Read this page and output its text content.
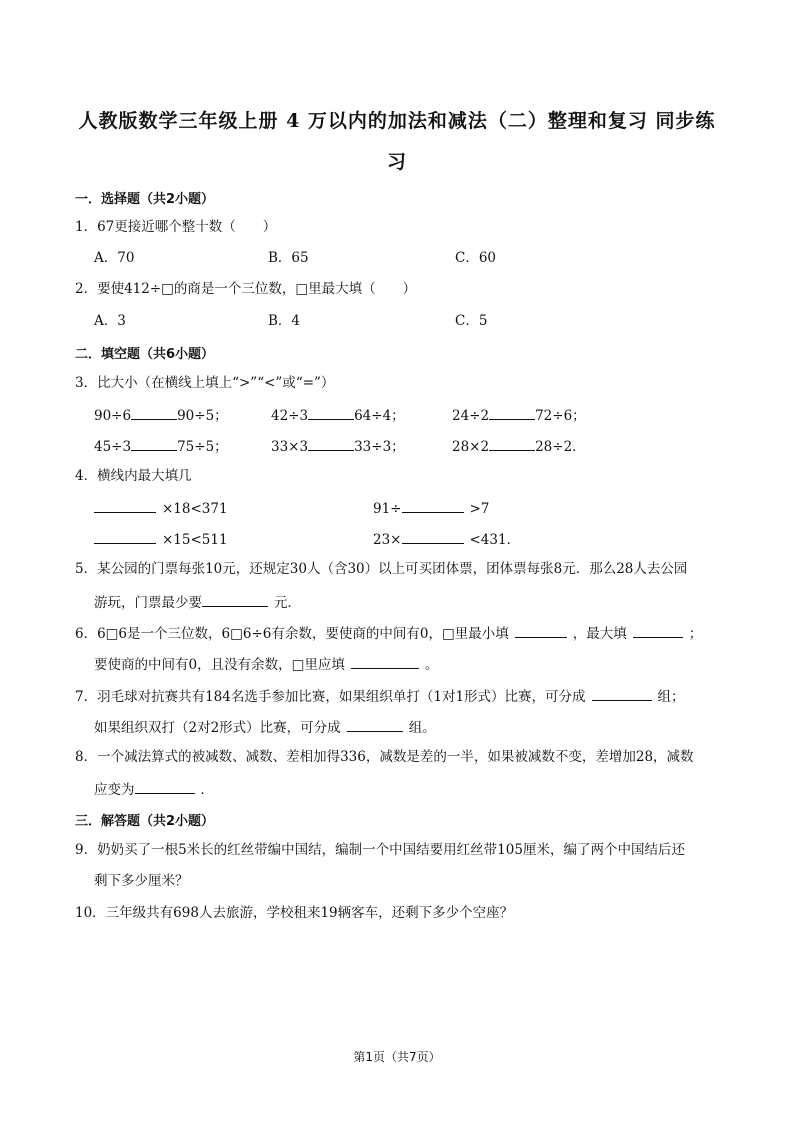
人教版数学三年级上册 4 万以内的加法和减法（二）整理和复习 同步练
习
一．选择题（共2小题）
1．67更接近哪个整十数（　　）
A．70	B．65	C．60
2．要使412÷□的商是一个三位数，□里最大填（　　）
A．3	B．4	C．5
二．填空题（共6小题）
3．比大小（在横线上填上“>”“<”或“=”）
90÷6	90÷5；	42÷3	64÷4；	24÷2	72÷6；
45÷3	75÷5；	33×3	33÷3；	28×2	28÷2．
4．横线内最大填几
×18<371	91÷	>7
×15<511	23×	<431．
5．某公园的门票每张10元，还规定30人（含30）以上可买团体票，团体票每张8元．那么28人去公园
游玩，门票最少要	元．
6．6□6是一个三位数，6□6÷6有余数，要使商的中间有0，□里最小填	，最大填	；
要使商的中间有0，且没有余数，□里应填	。
7．羽毛球对抗赛共有184名选手参加比赛，如果组织单打（1对1形式）比赛，可分成	组；
如果组织双打（2对2形式）比赛，可分成	组。
8．一个减法算式的被减数、减数、差相加得336，减数是差的一半，如果被减数不变，差增加28，减数
应变为	．
三．解答题（共2小题）
9．奶奶买了一根5米长的红丝带编中国结，编制一个中国结要用红丝带105厘米，编了两个中国结后还
剩下多少厘米？
10．三年级共有698人去旅游，学校租来19辆客车，还剩下多少个空座？
第1页（共7页）
